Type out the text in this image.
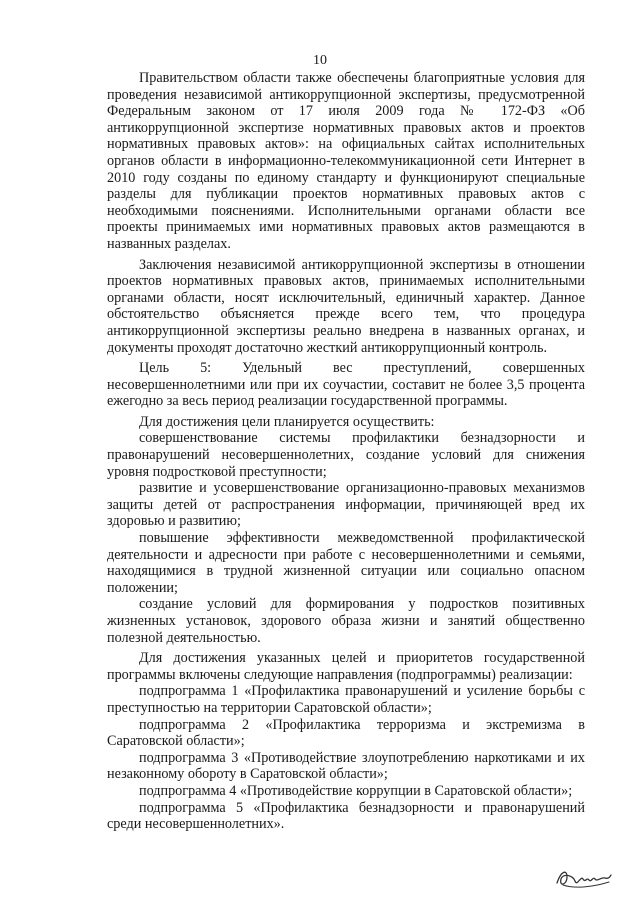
10

Правительством области также обеспечены благоприятные условия для проведения независимой антикоррупционной экспертизы, предусмотренной Федеральным законом от 17 июля 2009 года № 172-ФЗ «Об антикоррупционной экспертизе нормативных правовых актов и проектов нормативных правовых актов»: на официальных сайтах исполнительных органов области в информационно-телекоммуникационной сети Интернет в 2010 году созданы по единому стандарту и функционируют специальные разделы для публикации проектов нормативных правовых актов с необходимыми пояснениями. Исполнительными органами области все проекты принимаемых ими нормативных правовых актов размещаются в названных разделах.

Заключения независимой антикоррупционной экспертизы в отношении проектов нормативных правовых актов, принимаемых исполнительными органами области, носят исключительный, единичный характер. Данное обстоятельство объясняется прежде всего тем, что процедура антикоррупционной экспертизы реально внедрена в названных органах, и документы проходят достаточно жесткий антикоррупционный контроль.

Цель 5: Удельный вес преступлений, совершенных несовершеннолетними или при их соучастии, составит не более 3,5 процента ежегодно за весь период реализации государственной программы.

Для достижения цели планируется осуществить:

совершенствование системы профилактики безнадзорности и правонарушений несовершеннолетних, создание условий для снижения уровня подростковой преступности;

развитие и усовершенствование организационно-правовых механизмов защиты детей от распространения информации, причиняющей вред их здоровью и развитию;

повышение эффективности межведомственной профилактической деятельности и адресности при работе с несовершеннолетними и семьями, находящимися в трудной жизненной ситуации или социально опасном положении;

создание условий для формирования у подростков позитивных жизненных установок, здорового образа жизни и занятий общественно полезной деятельностью.

Для достижения указанных целей и приоритетов государственной программы включены следующие направления (подпрограммы) реализации:

подпрограмма 1 «Профилактика правонарушений и усиление борьбы с преступностью на территории Саратовской области»;

подпрограмма 2 «Профилактика терроризма и экстремизма в Саратовской области»;

подпрограмма 3 «Противодействие злоупотреблению наркотиками и их незаконному обороту в Саратовской области»;

подпрограмма 4 «Противодействие коррупции в Саратовской области»;

подпрограмма 5 «Профилактика безнадзорности и правонарушений среди несовершеннолетних».
